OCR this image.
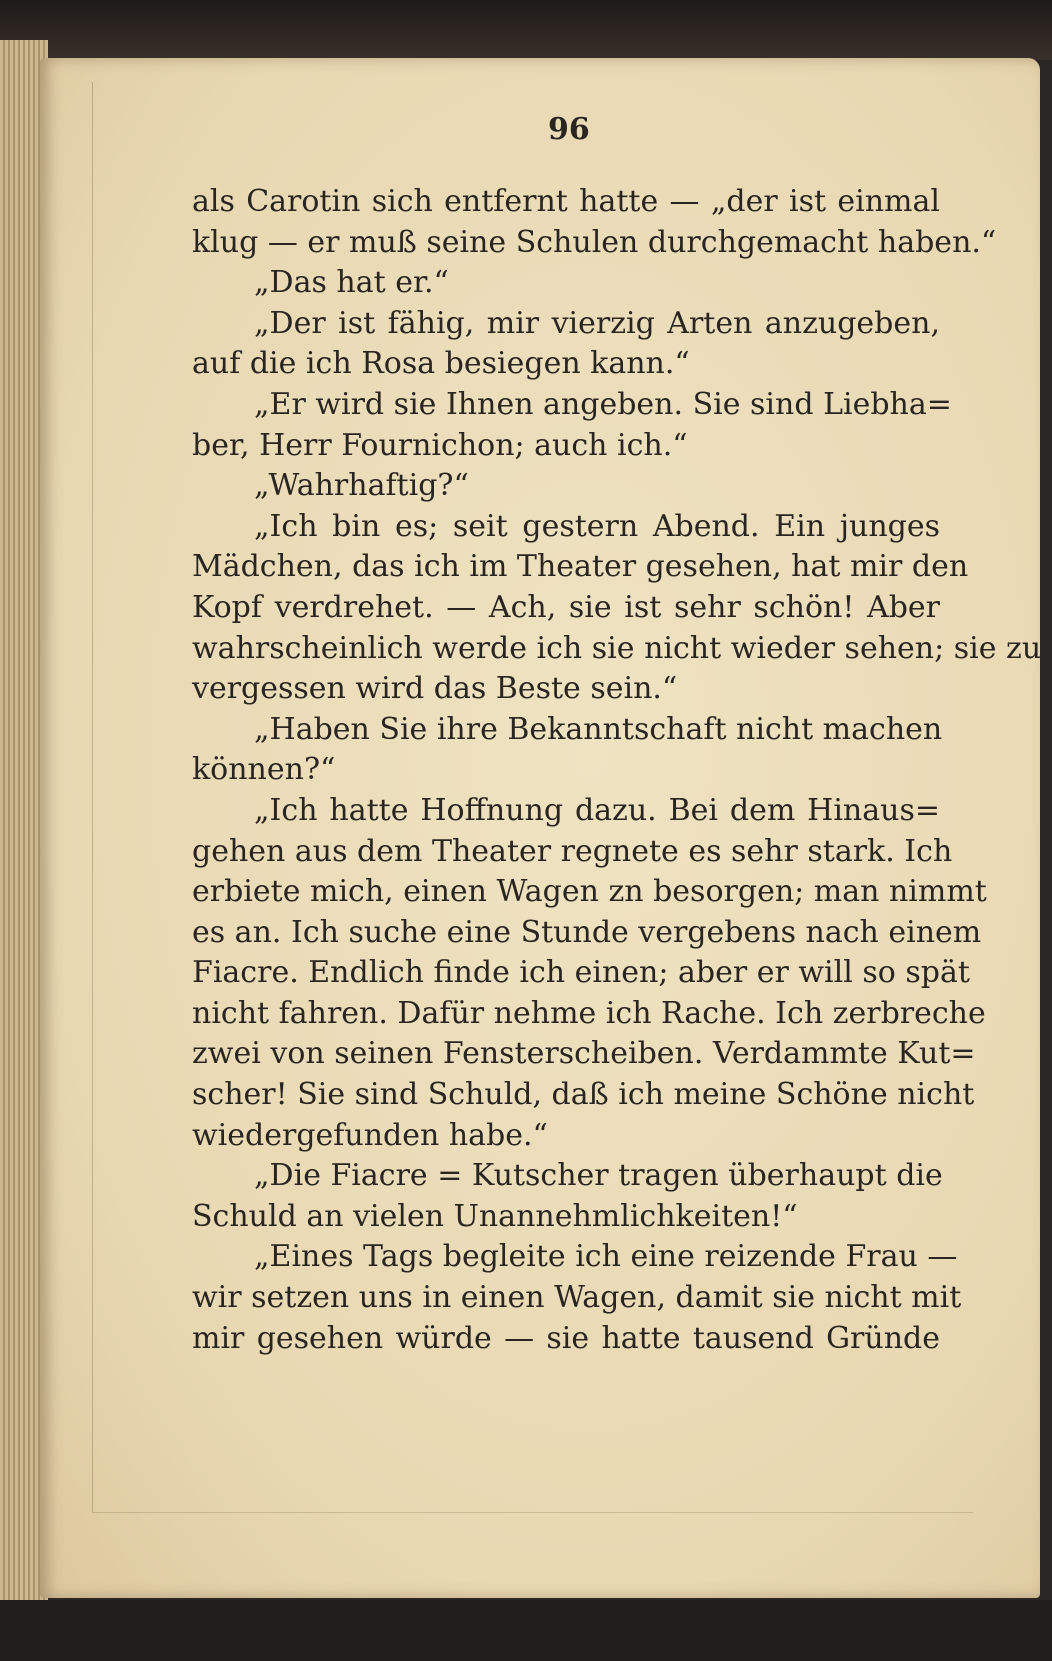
96
als Carotin sich entfernt hatte — „der ist einmal
klug — er muß seine Schulen durchgemacht haben.“
„Das hat er.“
„Der ist fähig, mir vierzig Arten anzugeben,
auf die ich Rosa besiegen kann.“
„Er wird sie Ihnen angeben. Sie sind Liebha=
ber, Herr Fournichon; auch ich.“
„Wahrhaftig?“
„Ich bin es; seit gestern Abend. Ein junges
Mädchen, das ich im Theater gesehen, hat mir den
Kopf verdrehet. — Ach, sie ist sehr schön! Aber
wahrscheinlich werde ich sie nicht wieder sehen; sie zu
vergessen wird das Beste sein.“
„Haben Sie ihre Bekanntschaft nicht machen
können?“
„Ich hatte Hoffnung dazu. Bei dem Hinaus=
gehen aus dem Theater regnete es sehr stark. Ich
erbiete mich, einen Wagen zn besorgen; man nimmt
es an. Ich suche eine Stunde vergebens nach einem
Fiacre. Endlich finde ich einen; aber er will so spät
nicht fahren. Dafür nehme ich Rache. Ich zerbreche
zwei von seinen Fensterscheiben. Verdammte Kut=
scher! Sie sind Schuld, daß ich meine Schöne nicht
wiedergefunden habe.“
„Die Fiacre = Kutscher tragen überhaupt die
Schuld an vielen Unannehmlichkeiten!“
„Eines Tags begleite ich eine reizende Frau —
wir setzen uns in einen Wagen, damit sie nicht mit
mir gesehen würde — sie hatte tausend Gründe
